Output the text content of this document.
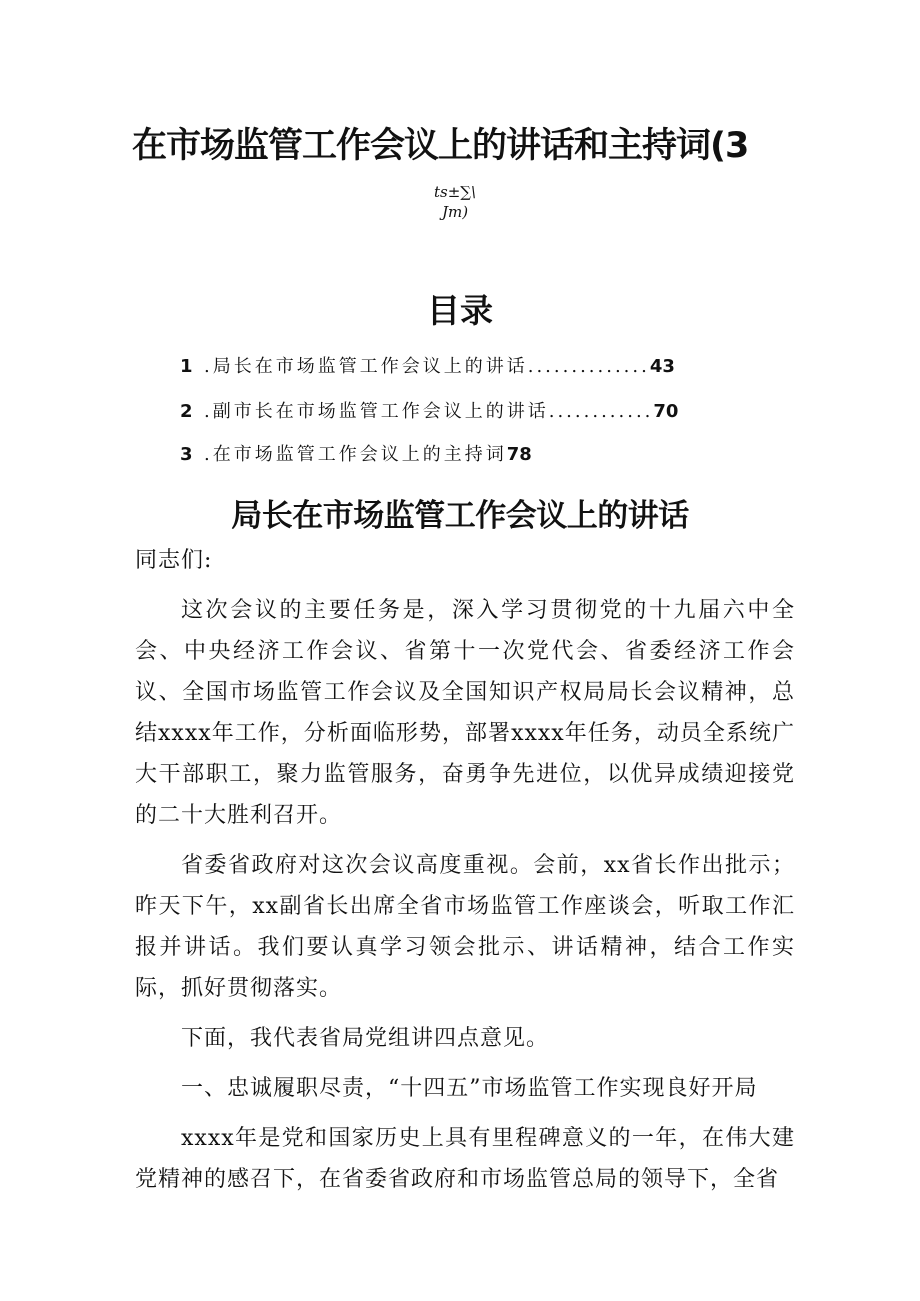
在市场监管工作会议上的讲话和主持词(3
ts±∑\
Jm)
目录
1 .局长在市场监管工作会议上的讲话..............43
2 .副市长在市场监管工作会议上的讲话............70
3 .在市场监管工作会议上的主持词78
局长在市场监管工作会议上的讲话

同志们:

这次会议的主要任务是，深入学习贯彻党的十九届六中全会、中央经济工作会议、省第十一次党代会、省委经济工作会议、全国市场监管工作会议及全国知识产权局局长会议精神，总结xxxx年工作，分析面临形势，部署xxxx年任务，动员全系统广大干部职工，聚力监管服务，奋勇争先进位，以优异成绩迎接党的二十大胜利召开。

省委省政府对这次会议高度重视。会前，xx省长作出批示；昨天下午，xx副省长出席全省市场监管工作座谈会，听取工作汇报并讲话。我们要认真学习领会批示、讲话精神，结合工作实际，抓好贯彻落实。

下面，我代表省局党组讲四点意见。

一、忠诚履职尽责，“十四五”市场监管工作实现良好开局

xxxx年是党和国家历史上具有里程碑意义的一年，在伟大建党精神的感召下，在省委省政府和市场监管总局的领导下，全省
